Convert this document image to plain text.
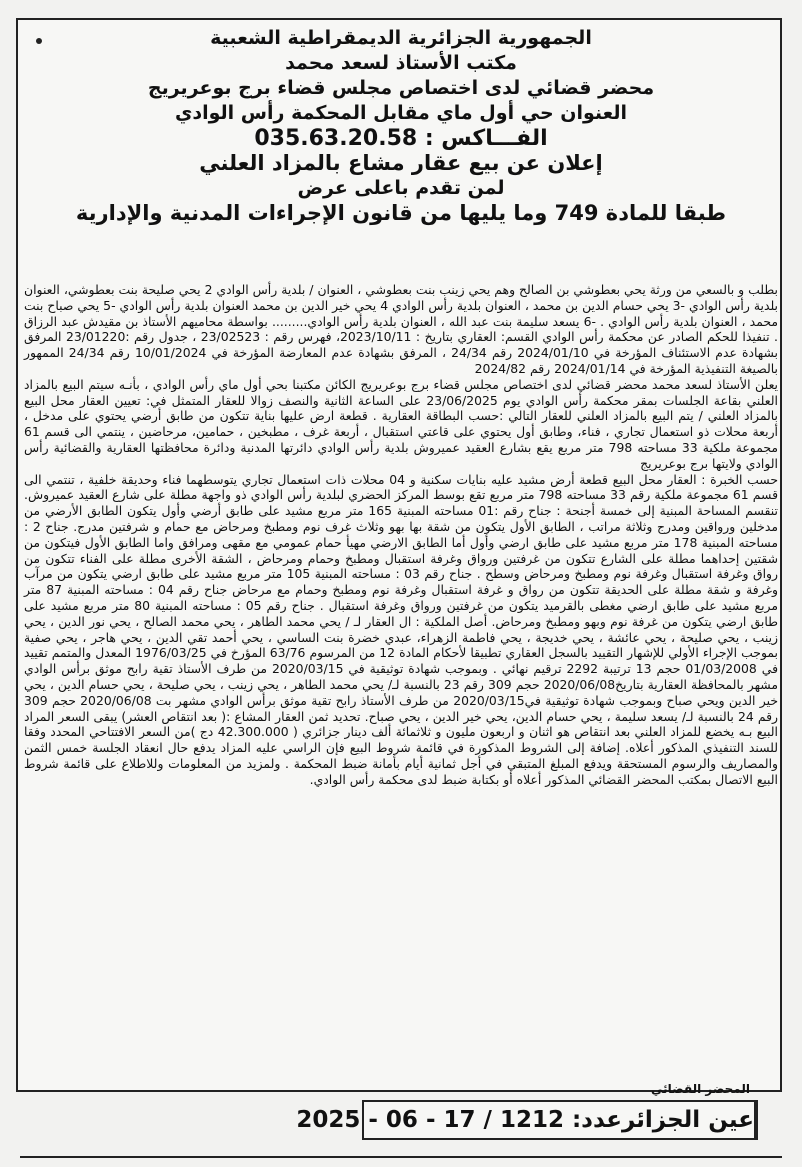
الجمهورية الجزائرية الديمقراطية الشعبية
مكتب الأستاذ لسعد محمد
محضر قضائي لدى اختصاص مجلس قضاء برج بوعريريج
العنوان حي أول ماي مقابل المحكمة رأس الوادي
الفـــاكس : 035.63.20.58
إعلان عن بيع عقار مشاع بالمزاد العلني
لمن تقدم باعلى عرض
طبقا للمادة 749 وما يليها من قانون الإجراءات المدنية والإدارية

بطلب و بالسعي من ورثة يحي بعطوشي بن الصالح وهم يحي زينب بنت بعطوشي ، العنوان / بلدية رأس الوادي 2 يحي صليحة بنت بعطوشي، العنوان بلدية رأس الوادي -3 يحي حسام الدين بن محمد ، العنوان بلدية رأس الوادي 4 يحي خير الدين بن محمد العنوان بلدية رأس الوادي -5 يحي صباح بنت محمد ، العنوان بلدية رأس الوادي . -6 يسعد سليمة بنت عبد الله ، العنوان بلدية رأس الوادي......... بواسطة محاميهم الأستاذ بن مقيدش عبد الرزاق . تنفيذا للحكم الصادر عن محكمة رأس الوادي القسم: العقاري بتاريخ : 2023/10/11، فهرس رقم : 23/02523 ، جدول رقم :23/01220 المرفق بشهادة عدم الاستئناف المؤرخة في 2024/01/10 رقم 24/34 ، المرفق بشهادة عدم المعارضة المؤرخة في 10/01/2024 رقم 24/34 الممهور بالصيغة التنفيذية المؤرخة في 2024/01/14 رقم 2024/82

يعلن الأستاذ لسعد محمد محضر قضائي لدى اختصاص مجلس قضاء برج بوعريريج الكائن مكتبنا بحي أول ماي رأس الوادي ، بأنـه سيتم البيع بالمزاد العلني بقاعة الجلسات بمقر محكمة رأس الوادي يوم 23/06/2025 على الساعة الثانية والنصف زوالا للعقار المتمثل في: تعيين العقار محل البيع بالمزاد العلني / يتم البيع بالمزاد العلني للعقار التالي :حسب البطاقة العقارية . قطعة ارض عليها بناية تتكون من طابق أرضي يحتوي على مدخل ، أربعة محلات ذو استعمال تجاري ، فناء، وطابق أول يحتوي على قاعتي استقبال ، أربعة غرف ، مطبخين ، حمامين، مرحاضين ، ينتمي الى قسم 61 مجموعة ملكية 33 مساحته 798 متر مربع يقع بشارع العقيد عميروش بلدية رأس الوادي دائرتها المدنية ودائرة محافظتها العقارية والقضائية رأس الوادي ولايتها برج بوعريريج

حسب الخبرة : العقار محل البيع قطعة أرض مشيد عليه بنايات سكنية و 04 محلات ذات استعمال تجاري يتوسطهما فناء وحديقة خلفية ، تنتمي الى قسم 61 مجموعة ملكية رقم 33 مساحته 798 متر مربع تقع بوسط المركز الحضري لبلدية رأس الوادي ذو واجهة مطلة على شارع العقيد عميروش. تنقسم المساحة المبنية إلى خمسة أجنحة : جناح رقم :01 مساحته المبنية 165 متر مربع مشيد على طابق أرضي وأول يتكون الطابق الأرضي من مدخلين ورواقين ومدرج وثلاثة مراتب ، الطابق الأول يتكون من شقة بها بهو وثلاث غرف نوم ومطبخ ومرحاض مع حمام و شرفتين مدرج. جناح 2 : مساحته المبنية 178 متر مربع مشيد على طابق ارضي وأول أما الطابق الارضي مهيأ حمام عمومي مع مقهى ومرافق واما الطابق الأول فيتكون من شقتين إحداهما مطلة على الشارع تتكون من غرفتين ورواق وغرفة استقبال ومطبخ وحمام ومرحاض ، الشقة الأخرى مطلة على الفناء تتكون من رواق وغرفة استقبال وغرفة نوم ومطبخ ومرحاض وسطح . جناح رقم 03 : مساحته المبنية 105 متر مربع مشيد على طابق ارضي يتكون من مرآب وغرفة و شقة مطلة على الحديقة تتكون من رواق و غرفة استقبال وغرفة نوم ومطبخ وحمام مع مرحاض جناح رقم 04 : مساحته المبنية 87 متر مربع مشيد على طابق ارضي مغطى بالقرميد يتكون من غرفتين ورواق وغرفة استقبال . جناح رقم 05 : مساحته المبنية 80 متر مربع مشيد على طابق ارضي يتكون من غرفة نوم وبهو ومطبخ ومرحاض. أصل الملكية : ال العقار لـ / يحي محمد الطاهر ، يحي محمد الصالح ، يحي نور الدين ، يحي زينب ، يحي صليحة ، يحي عائشة ، يحي خديجة ، يحي فاطمة الزهراء، عبدي خضرة بنت الساسي ، يحي أحمد تقي الدين ، يحي هاجر ، يحي صفية بموجب الإجراء الأولي للإشهار التقييد بالسجل العقاري تطبيقا لأحكام المادة 12 من المرسوم 63/76 المؤرخ في 1976/03/25 المعدل والمتمم تقييد في 01/03/2008 حجم 13 ترتيبة 2292 ترقيم نهائي . وبموجب شهادة توثيقية في 2020/03/15 من طرف الأستاذ تقية رابح موثق برأس الوادي مشهر بالمحافظة العقارية بتاريخ2020/06/08 حجم 309 رقم 23 بالنسبة لـ/ يحي محمد الطاهر ، يحي زينب ، يحي صليحة ، يحي حسام الدين ، يحي خير الدين ويحي صباح وبموجب شهادة توثيقية في2020/03/15 من طرف الأستاذ رابح تقية موثق برأس الوادي مشهر بت 2020/06/08 حجم 309 رقم 24 بالنسبة لـ/ يسعد سليمة ، يحي حسام الدين، يحي خير الدين ، يحي صباح. تحديد ثمن العقار المشاع :( بعد انتقاص العشر) يبقى السعر المراد البيع بـه يخضع للمزاد العلني بعد انتقاص هو اثنان و اربعون مليون و ثلاثمائة ألف دينار جزائري ( 42.300.000 دج )من السعر الافتتاحي المحدد وفقا للسند التنفيذي المذكور أعلاه. إضافة إلى الشروط المذكورة في قائمة شروط البيع فإن الراسي عليه المزاد يدفع حال انعقاد الجلسة خمس الثمن والمصاريف والرسوم المستحقة ويدفع المبلغ المتبقي في أجل ثمانية أيام بأمانة ضبط المحكمة . ولمزيد من المعلومات وللاطلاع على قائمة شروط البيع الاتصال بمكتب المحضر القضائي المذكور أعلاه أو بكتابة ضبط لدى محكمة رأس الوادي.

المحضر القضائي
عين الجزائرعدد: 1212 / 17 - 06 - 2025
